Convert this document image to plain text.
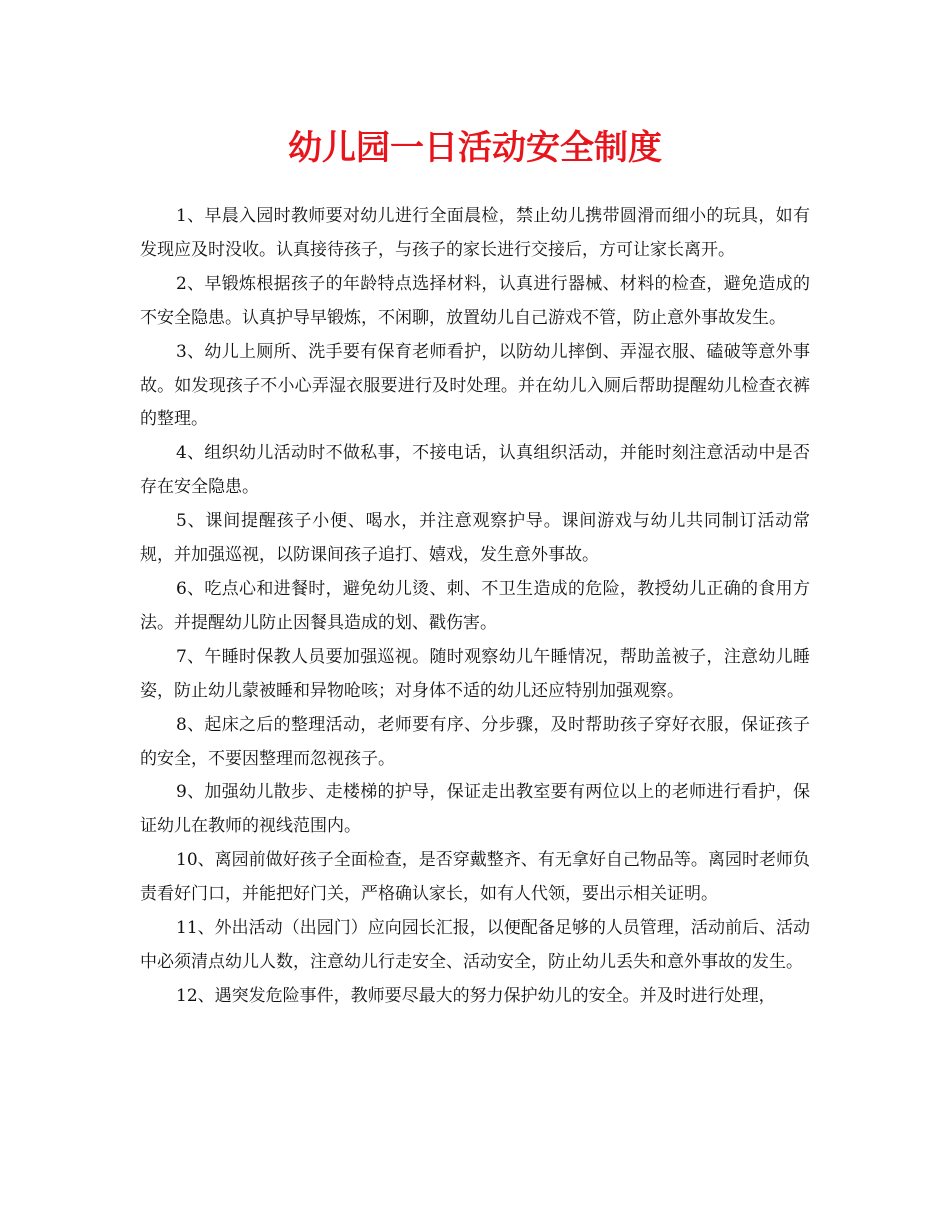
幼儿园一日活动安全制度

1、早晨入园时教师要对幼儿进行全面晨检，禁止幼儿携带圆滑而细小的玩具，如有发现应及时没收。认真接待孩子，与孩子的家长进行交接后，方可让家长离开。

2、早锻炼根据孩子的年龄特点选择材料，认真进行器械、材料的检查，避免造成的不安全隐患。认真护导早锻炼，不闲聊，放置幼儿自己游戏不管，防止意外事故发生。

3、幼儿上厕所、洗手要有保育老师看护，以防幼儿摔倒、弄湿衣服、磕破等意外事故。如发现孩子不小心弄湿衣服要进行及时处理。并在幼儿入厕后帮助提醒幼儿检查衣裤的整理。

4、组织幼儿活动时不做私事，不接电话，认真组织活动，并能时刻注意活动中是否存在安全隐患。

5、课间提醒孩子小便、喝水，并注意观察护导。课间游戏与幼儿共同制订活动常规，并加强巡视，以防课间孩子追打、嬉戏，发生意外事故。

6、吃点心和进餐时，避免幼儿烫、刺、不卫生造成的危险，教授幼儿正确的食用方法。并提醒幼儿防止因餐具造成的划、戳伤害。

7、午睡时保教人员要加强巡视。随时观察幼儿午睡情况，帮助盖被子，注意幼儿睡姿，防止幼儿蒙被睡和异物呛咳；对身体不适的幼儿还应特别加强观察。

8、起床之后的整理活动，老师要有序、分步骤，及时帮助孩子穿好衣服，保证孩子的安全，不要因整理而忽视孩子。

9、加强幼儿散步、走楼梯的护导，保证走出教室要有两位以上的老师进行看护，保证幼儿在教师的视线范围内。

10、离园前做好孩子全面检查，是否穿戴整齐、有无拿好自己物品等。离园时老师负责看好门口，并能把好门关，严格确认家长，如有人代领，要出示相关证明。

11、外出活动（出园门）应向园长汇报，以便配备足够的人员管理，活动前后、活动中必须清点幼儿人数，注意幼儿行走安全、活动安全，防止幼儿丢失和意外事故的发生。

12、遇突发危险事件，教师要尽最大的努力保护幼儿的安全。并及时进行处理，
